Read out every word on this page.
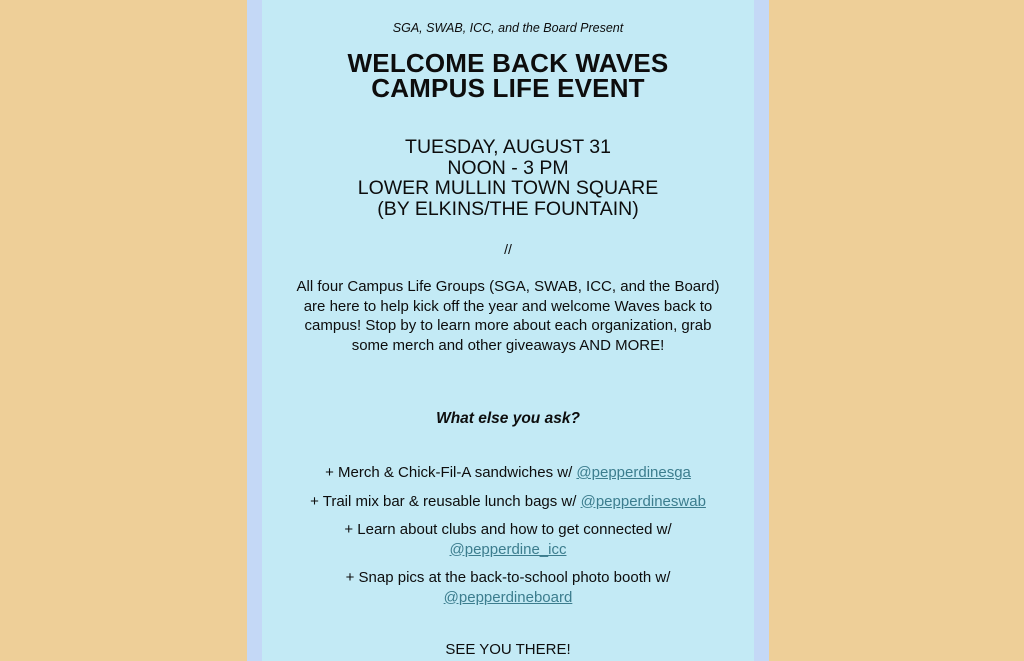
SGA, SWAB, ICC, and the Board Present
WELCOME BACK WAVES
CAMPUS LIFE EVENT
TUESDAY, AUGUST 31
NOON - 3 PM
LOWER MULLIN TOWN SQUARE
(BY ELKINS/THE FOUNTAIN)
//
All four Campus Life Groups (SGA, SWAB, ICC, and the Board) are here to help kick off the year and welcome Waves back to campus! Stop by to learn more about each organization, grab some merch and other giveaways AND MORE!
What else you ask?
+ Merch & Chick-Fil-A sandwiches w/ @pepperdinesga
+ Trail mix bar & reusable lunch bags w/ @pepperdineswab
+ Learn about clubs and how to get connected w/
@pepperdine_icc
+ Snap pics at the back-to-school photo booth w/
@pepperdineboard
SEE YOU THERE!
